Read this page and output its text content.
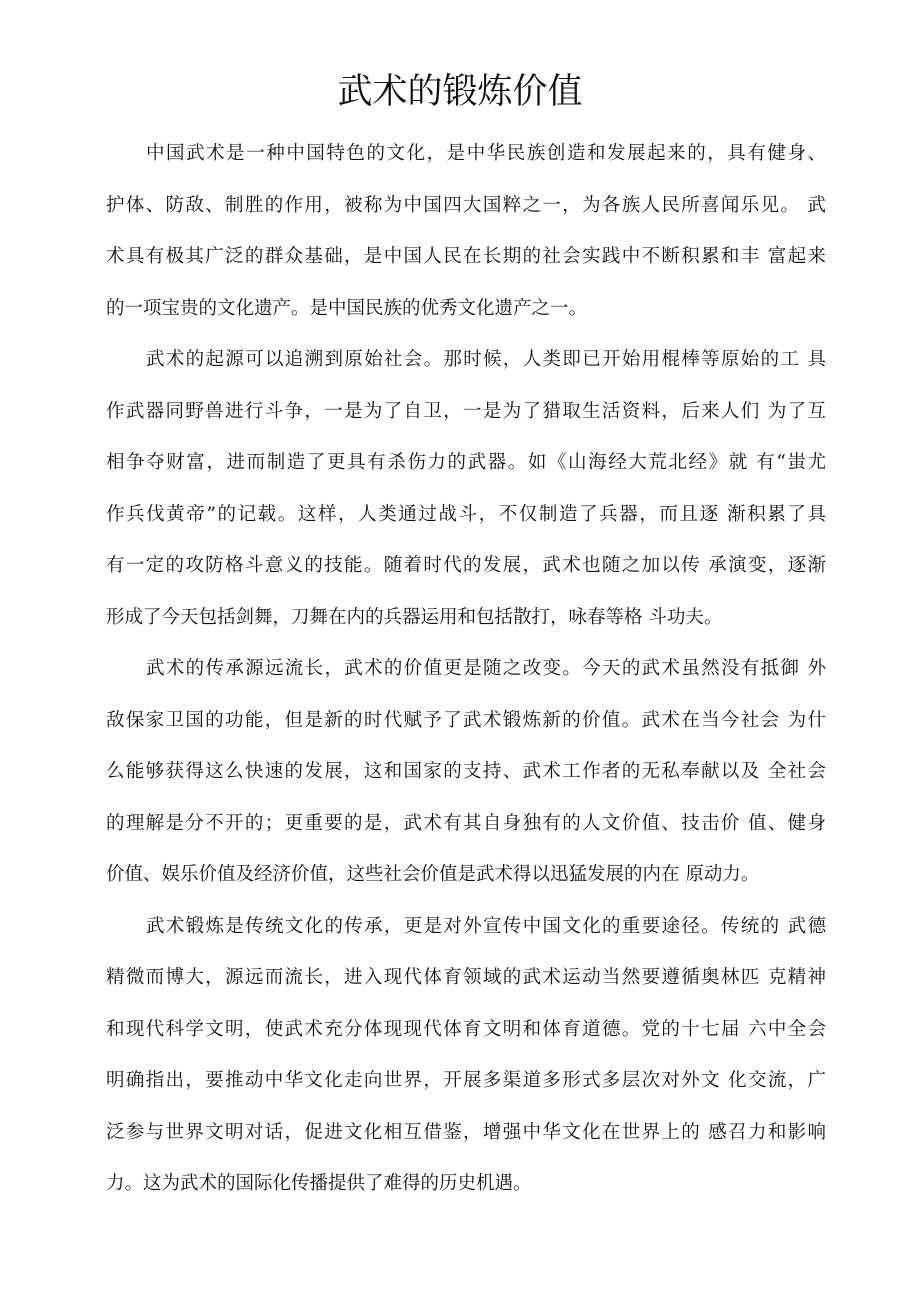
武术的锻炼价值

中国武术是一种中国特色的文化，是中华民族创造和发展起来的，具有健身、
护体、防敌、制胜的作用，被称为中国四大国粹之一，为各族人民所喜闻乐见。 武
术具有极其广泛的群众基础，是中国人民在长期的社会实践中不断积累和丰 富起来
的一项宝贵的文化遗产。是中国民族的优秀文化遗产之一。

武术的起源可以追溯到原始社会。那时候，人类即已开始用棍棒等原始的工 具
作武器同野兽进行斗争，一是为了自卫，一是为了猎取生活资料，后来人们 为了互
相争夺财富，进而制造了更具有杀伤力的武器。如《山海经大荒北经》就 有“蚩尤
作兵伐黄帝”的记载。这样，人类通过战斗，不仅制造了兵器，而且逐 渐积累了具
有一定的攻防格斗意义的技能。随着时代的发展，武术也随之加以传 承演变，逐渐
形成了今天包括剑舞，刀舞在内的兵器运用和包括散打，咏春等格 斗功夫。

武术的传承源远流长，武术的价值更是随之改变。今天的武术虽然没有抵御 外
敌保家卫国的功能，但是新的时代赋予了武术锻炼新的价值。武术在当今社会 为什
么能够获得这么快速的发展，这和国家的支持、武术工作者的无私奉献以及 全社会
的理解是分不开的；更重要的是，武术有其自身独有的人文价值、技击价 值、健身
价值、娱乐价值及经济价值，这些社会价值是武术得以迅猛发展的内在 原动力。

武术锻炼是传统文化的传承，更是对外宣传中国文化的重要途径。传统的 武德
精微而博大，源远而流长，进入现代体育领域的武术运动当然要遵循奥林匹 克精神
和现代科学文明，使武术充分体现现代体育文明和体育道德。党的十七届 六中全会
明确指出，要推动中华文化走向世界，开展多渠道多形式多层次对外文 化交流，广
泛参与世界文明对话，促进文化相互借鉴，增强中华文化在世界上的 感召力和影响
力。这为武术的国际化传播提供了难得的历史机遇。
